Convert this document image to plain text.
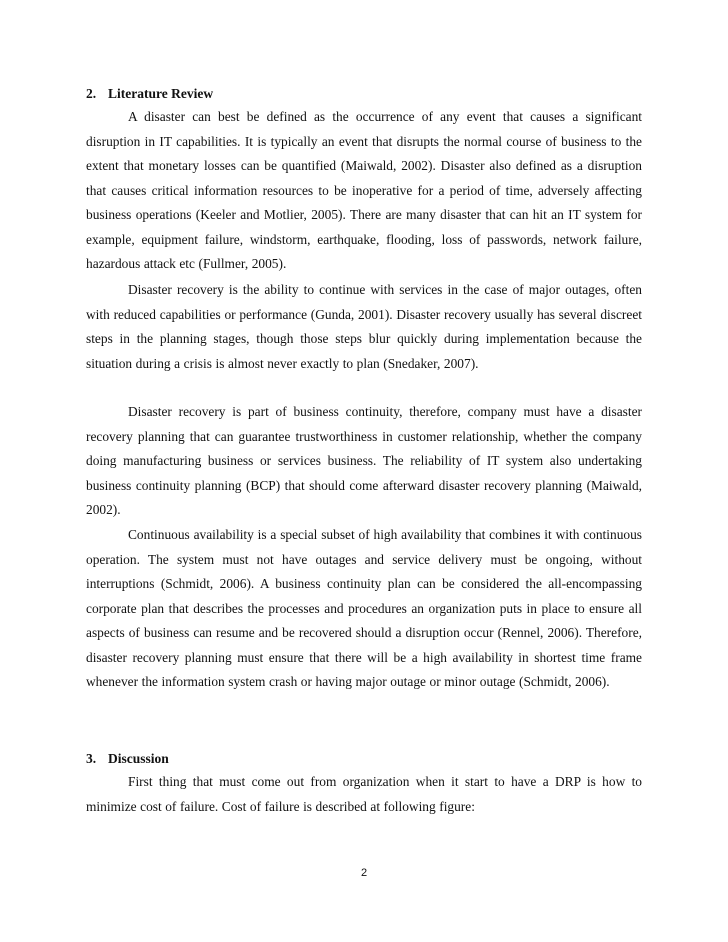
2. Literature Review

A disaster can best be defined as the occurrence of any event that causes a significant disruption in IT capabilities. It is typically an event that disrupts the normal course of business to the extent that monetary losses can be quantified (Maiwald, 2002). Disaster also defined as a disruption that causes critical information resources to be inoperative for a period of time, adversely affecting business operations (Keeler and Motlier, 2005). There are many disaster that can hit an IT system for example, equipment failure, windstorm, earthquake, flooding, loss of passwords, network failure, hazardous attack etc (Fullmer, 2005).

Disaster recovery is the ability to continue with services in the case of major outages, often with reduced capabilities or performance (Gunda, 2001). Disaster recovery usually has several discreet steps in the planning stages, though those steps blur quickly during implementation because the situation during a crisis is almost never exactly to plan (Snedaker, 2007).

Disaster recovery is part of business continuity, therefore, company must have a disaster recovery planning that can guarantee trustworthiness in customer relationship, whether the company doing manufacturing business or services business. The reliability of IT system also undertaking business continuity planning (BCP) that should come afterward disaster recovery planning (Maiwald, 2002).

Continuous availability is a special subset of high availability that combines it with continuous operation. The system must not have outages and service delivery must be ongoing, without interruptions (Schmidt, 2006). A business continuity plan can be considered the all-encompassing corporate plan that describes the processes and procedures an organization puts in place to ensure all aspects of business can resume and be recovered should a disruption occur (Rennel, 2006). Therefore, disaster recovery planning must ensure that there will be a high availability in shortest time frame whenever the information system crash or having major outage or minor outage (Schmidt, 2006).

3. Discussion

First thing that must come out from organization when it start to have a DRP is how to minimize cost of failure. Cost of failure is described at following figure:

2
